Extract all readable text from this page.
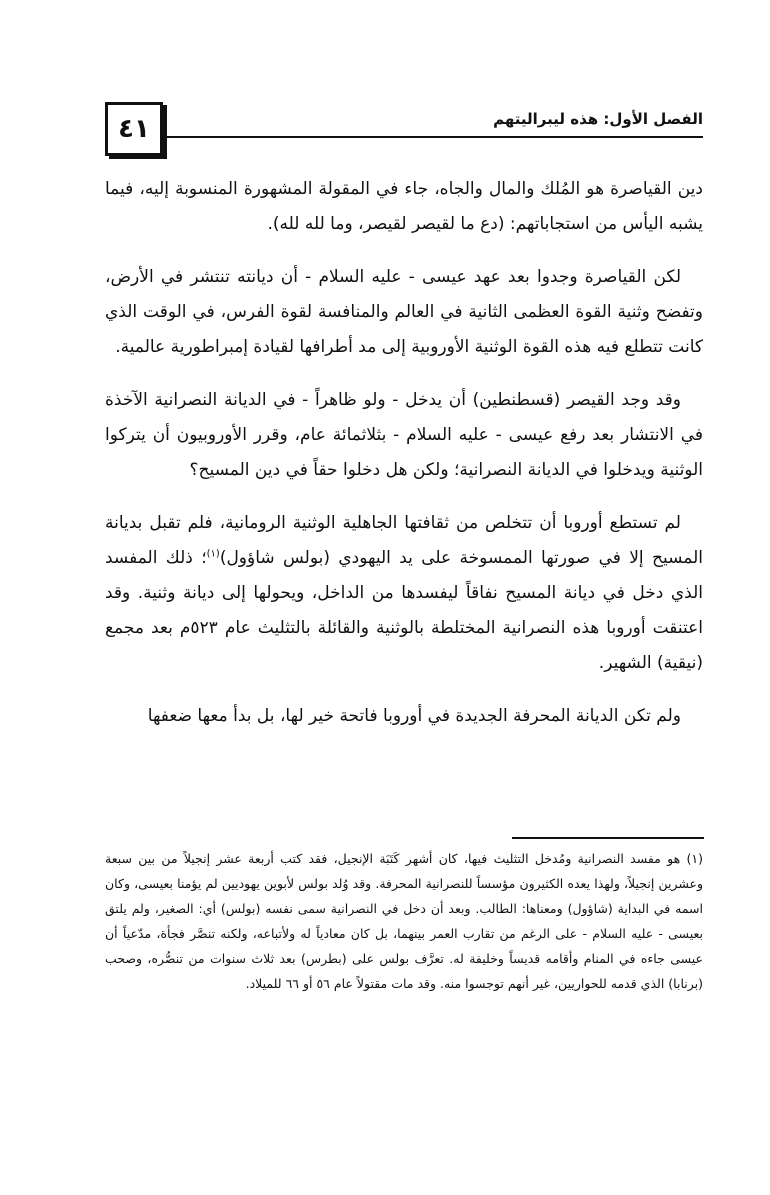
٤١	الفصل الأول: هذه ليبراليتهم

دين القياصرة هو المُلك والمال والجاه، جاء في المقولة المشهورة المنسوبة إليه، فيما يشبه اليأس من استجاباتهم: (دع ما لقيصر لقيصر، وما لله لله).

لكن القياصرة وجدوا بعد عهد عيسى - عليه السلام - أن ديانته تنتشر في الأرض، وتفضح وثنية القوة العظمى الثانية في العالم والمنافسة لقوة الفرس، في الوقت الذي كانت تتطلع فيه هذه القوة الوثنية الأوروبية إلى مد أطرافها لقيادة إمبراطورية عالمية.

وقد وجد القيصر (قسطنطين) أن يدخل - ولو ظاهراً - في الديانة النصرانية الآخذة في الانتشار بعد رفع عيسى - عليه السلام - بثلاثمائة عام، وقرر الأوروبيون أن يتركوا الوثنية ويدخلوا في الديانة النصرانية؛ ولكن هل دخلوا حقاً في دين المسيح؟

لم تستطع أوروبا أن تتخلص من ثقافتها الجاهلية الوثنية الرومانية، فلم تقبل بديانة المسيح إلا في صورتها الممسوخة على يد اليهودي (بولس شاؤول)$^{(١)}$؛ ذلك المفسد الذي دخل في ديانة المسيح نفاقاً ليفسدها من الداخل، ويحولها إلى ديانة وثنية. وقد اعتنقت أوروبا هذه النصرانية المختلطة بالوثنية والقائلة بالتثليث عام ٥٢٣م بعد مجمع (نيقية) الشهير.

ولم تكن الديانة المحرفة الجديدة في أوروبا فاتحة خير لها، بل بدأ معها ضعفها

(١) هو مفسد النصرانية ومُدخل التثليث فيها، كان أشهر كَتَبَة الإنجيل، فقد كتب أربعة عشر إنجيلاً من بين سبعة وعشرين إنجيلاً، ولهذا يعده الكثيرون مؤسساً للنصرانية المحرفة. وقد وُلد بولس لأبوين يهوديين لم يؤمنا بعيسى، وكان اسمه في البداية (شاؤول) ومعناها: الطالب. وبعد أن دخل في النصرانية سمى نفسه (بولس) أي: الصغير، ولم يلتق بعيسى - عليه السلام - على الرغم من تقارب العمر بينهما، بل كان معادياً له ولأتباعه، ولكنه تنصَّر فجأة، مدّعياً أن عيسى جاءه في المنام وأقامه قديساً وخليفة له. تعرَّف بولس على (بطرس) بعد ثلاث سنوات من تنصُّره، وصحب (برنابا) الذي قدمه للحواريين، غير أنهم توجسوا منه. وقد مات مقتولاً عام ٥٦ أو ٦٦ للميلاد.
